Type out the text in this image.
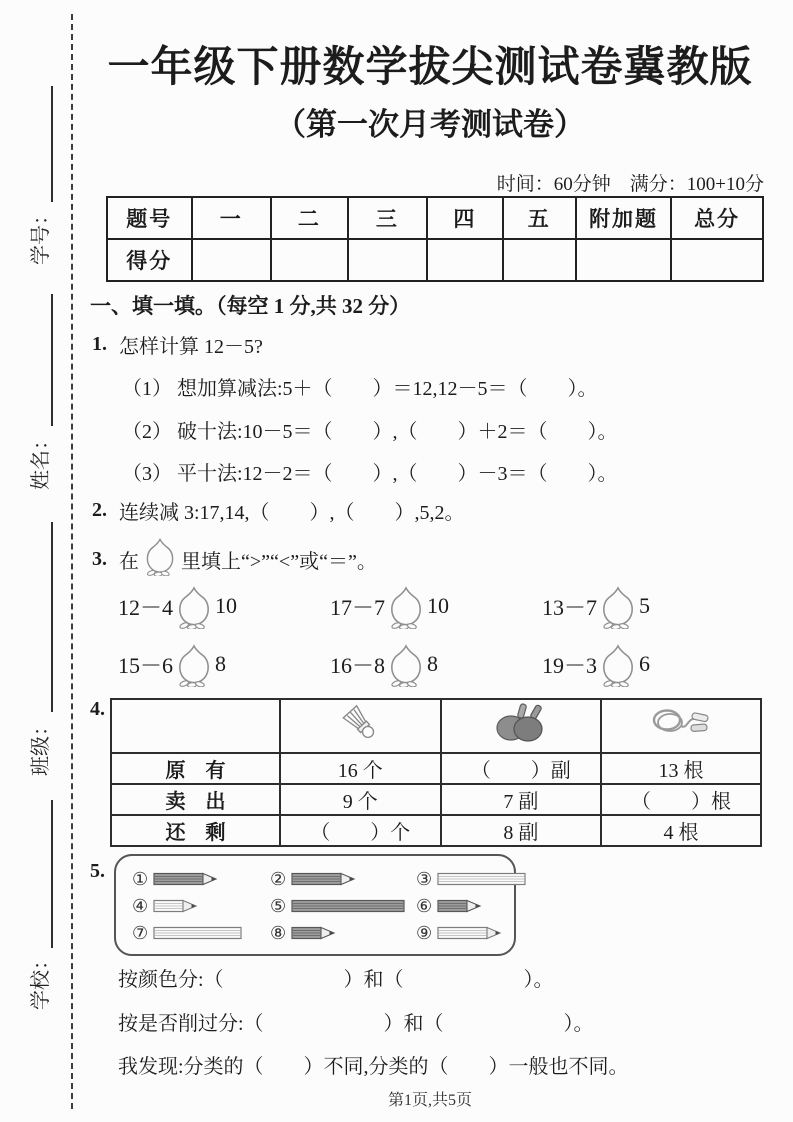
学号：
姓名：
班级：
学校：
一年级下册数学拔尖测试卷冀教版
（第一次月考测试卷）
时间：60分钟　满分：100+10分
题号	一	二	三	四	五	附加题	总分
得分							
一、填一填。（每空 1 分,共 32 分）
1. 怎样计算 12－5?
（1） 想加算减法:5＋（　　）＝12,12－5＝（　　）。
（2） 破十法:10－5＝（　　）,（　　）＋2＝（　　）。
（3） 平十法:12－2＝（　　）,（　　）－3＝（　　）。
2. 连续减 3:17,14,（　　）,（　　）,5,2。
3. 在 里填上“>”“<”或“＝”。
12－4 10	17－7 10	13－7 5
15－6 8	16－8 8	19－3 6
4.

原　有	16 个	（　　）副	13 根
卖　出	9 个	7 副	（　　）根
还　剩	（　　）个	8 副	4 根
5. ①	②	③
④	⑤	⑥
⑦	⑧	⑨
按颜色分:（　　　　　　）和（　　　　　　）。
按是否削过分:（　　　　　　）和（　　　　　　）。
我发现:分类的（　　）不同,分类的（　　）一般也不同。
第1页,共5页
